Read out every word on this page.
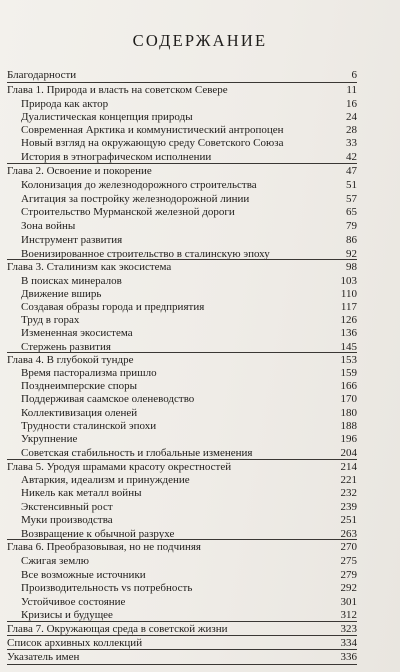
СОДЕРЖАНИЕ
Благодарности	6
Глава 1. Природа и власть на советском Севере	11
Природа как актор	16
Дуалистическая концепция природы	24
Современная Арктика и коммунистический антропоцен	28
Новый взгляд на окружающую среду Советского Союза	33
История в этнографическом исполнении	42
Глава 2. Освоение и покорение	47
Колонизация до железнодорожного строительства	51
Агитация за постройку железнодорожной линии	57
Строительство Мурманской железной дороги	65
Зона войны	79
Инструмент развития	86
Военизированное строительство в сталинскую эпоху	92
Глава 3. Сталинизм как экосистема	98
В поисках минералов	103
Движение вширь	110
Создавая образы города и предприятия	117
Труд в горах	126
Измененная экосистема	136
Стержень развития	145
Глава 4. В глубокой тундре	153
Время пасторализма пришло	159
Позднеимперские споры	166
Поддерживая саамское оленеводство	170
Коллективизация оленей	180
Трудности сталинской эпохи	188
Укрупнение	196
Советская стабильность и глобальные изменения	204
Глава 5. Уродуя шрамами красоту окрестностей	214
Автаркия, идеализм и принуждение	221
Никель как металл войны	232
Экстенсивный рост	239
Муки производства	251
Возвращение к обычной разрухе	263
Глава 6. Преобразовывая, но не подчиняя	270
Сжигая землю	275
Все возможные источники	279
Производительность vs потребность	292
Устойчивое состояние	301
Кризисы и будущее	312
Глава 7. Окружающая среда в советской жизни	323
Список архивных коллекций	334
Указатель имен	336
